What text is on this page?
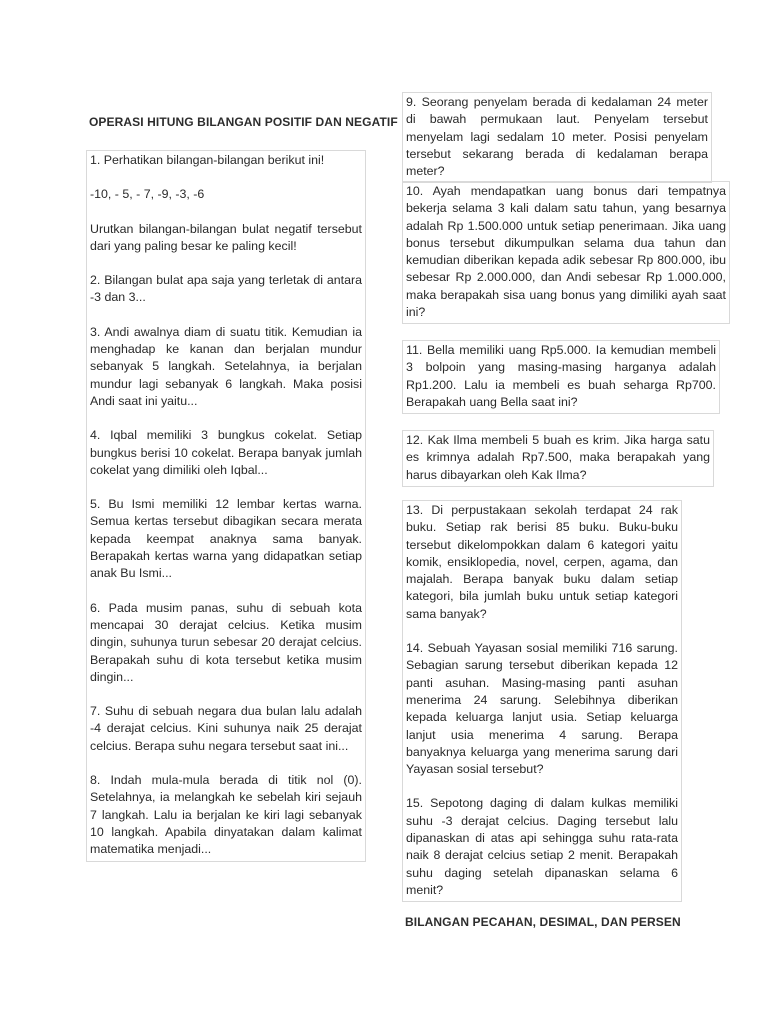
OPERASI HITUNG BILANGAN POSITIF DAN NEGATIF

1. Perhatikan bilangan-bilangan berikut ini!

-10, - 5, - 7, -9, -3, -6

Urutkan bilangan-bilangan bulat negatif tersebut dari yang paling besar ke paling kecil!

2. Bilangan bulat apa saja yang terletak di antara -3 dan 3...

3. Andi awalnya diam di suatu titik. Kemudian ia menghadap ke kanan dan berjalan mundur sebanyak 5 langkah. Setelahnya, ia berjalan mundur lagi sebanyak 6 langkah. Maka posisi Andi saat ini yaitu...

4. Iqbal memiliki 3 bungkus cokelat. Setiap bungkus berisi 10 cokelat. Berapa banyak jumlah cokelat yang dimiliki oleh Iqbal...

5. Bu Ismi memiliki 12 lembar kertas warna. Semua kertas tersebut dibagikan secara merata kepada keempat anaknya sama banyak. Berapakah kertas warna yang didapatkan setiap anak Bu Ismi...

6. Pada musim panas, suhu di sebuah kota mencapai 30 derajat celcius. Ketika musim dingin, suhunya turun sebesar 20 derajat celcius. Berapakah suhu di kota tersebut ketika musim dingin...

7. Suhu di sebuah negara dua bulan lalu adalah -4 derajat celcius. Kini suhunya naik 25 derajat celcius. Berapa suhu negara tersebut saat ini...

8. Indah mula-mula berada di titik nol (0). Setelahnya, ia melangkah ke sebelah kiri sejauh 7 langkah. Lalu ia berjalan ke kiri lagi sebanyak 10 langkah. Apabila dinyatakan dalam kalimat matematika menjadi...

9. Seorang penyelam berada di kedalaman 24 meter di bawah permukaan laut. Penyelam tersebut menyelam lagi sedalam 10 meter. Posisi penyelam tersebut sekarang berada di kedalaman berapa meter?

10. Ayah mendapatkan uang bonus dari tempatnya bekerja selama 3 kali dalam satu tahun, yang besarnya adalah Rp 1.500.000 untuk setiap penerimaan. Jika uang bonus tersebut dikumpulkan selama dua tahun dan kemudian diberikan kepada adik sebesar Rp 800.000, ibu sebesar Rp 2.000.000, dan Andi sebesar Rp 1.000.000, maka berapakah sisa uang bonus yang dimiliki ayah saat ini?

11. Bella memiliki uang Rp5.000. Ia kemudian membeli 3 bolpoin yang masing-masing harganya adalah Rp1.200. Lalu ia membeli es buah seharga Rp700. Berapakah uang Bella saat ini?

12. Kak Ilma membeli 5 buah es krim. Jika harga satu es krimnya adalah Rp7.500, maka berapakah yang harus dibayarkan oleh Kak Ilma?

13. Di perpustakaan sekolah terdapat 24 rak buku. Setiap rak berisi 85 buku. Buku-buku tersebut dikelompokkan dalam 6 kategori yaitu komik, ensiklopedia, novel, cerpen, agama, dan majalah. Berapa banyak buku dalam setiap kategori, bila jumlah buku untuk setiap kategori sama banyak?

14. Sebuah Yayasan sosial memiliki 716 sarung. Sebagian sarung tersebut diberikan kepada 12 panti asuhan. Masing-masing panti asuhan menerima 24 sarung. Selebihnya diberikan kepada keluarga lanjut usia. Setiap keluarga lanjut usia menerima 4 sarung. Berapa banyaknya keluarga yang menerima sarung dari Yayasan sosial tersebut?

15. Sepotong daging di dalam kulkas memiliki suhu -3 derajat celcius. Daging tersebut lalu dipanaskan di atas api sehingga suhu rata-rata naik 8 derajat celcius setiap 2 menit. Berapakah suhu daging setelah dipanaskan selama 6 menit?

BILANGAN PECAHAN, DESIMAL, DAN PERSEN
